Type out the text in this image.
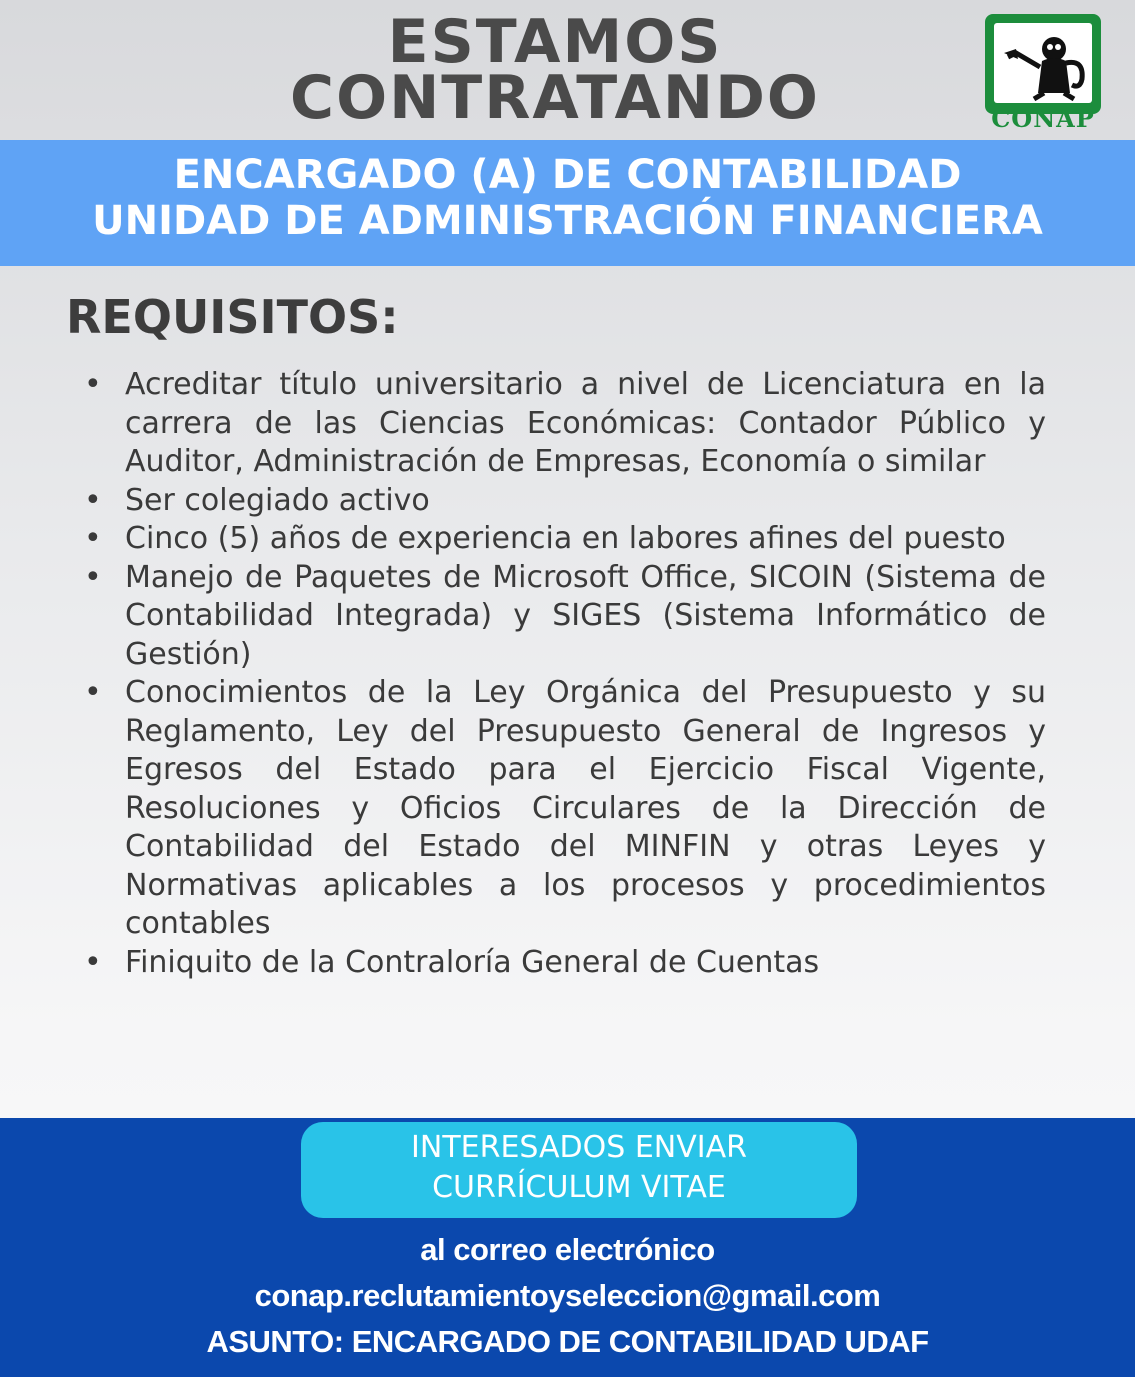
ESTAMOS
CONTRATANDO	CONAP
ENCARGADO (A) DE CONTABILIDAD
UNIDAD DE ADMINISTRACIÓN FINANCIERA
REQUISITOS:
• Acreditar título universitario a nivel de Licenciatura en la carrera de las Ciencias Económicas: Contador Público y Auditor, Administración de Empresas, Economía o similar
• Ser colegiado activo
• Cinco (5) años de experiencia en labores afines del puesto
• Manejo de Paquetes de Microsoft Office, SICOIN (Sistema de Contabilidad Integrada) y SIGES (Sistema Informático de Gestión)
• Conocimientos de la Ley Orgánica del Presupuesto y su Reglamento, Ley del Presupuesto General de Ingresos y Egresos del Estado para el Ejercicio Fiscal Vigente, Resoluciones y Oficios Circulares de la Dirección de Contabilidad del Estado del MINFIN y otras Leyes y Normativas aplicables a los procesos y procedimientos contables
• Finiquito de la Contraloría General de Cuentas
INTERESADOS ENVIAR
CURRÍCULUM VITAE
al correo electrónico
conap.reclutamientoyseleccion@gmail.com
ASUNTO: ENCARGADO DE CONTABILIDAD UDAF
